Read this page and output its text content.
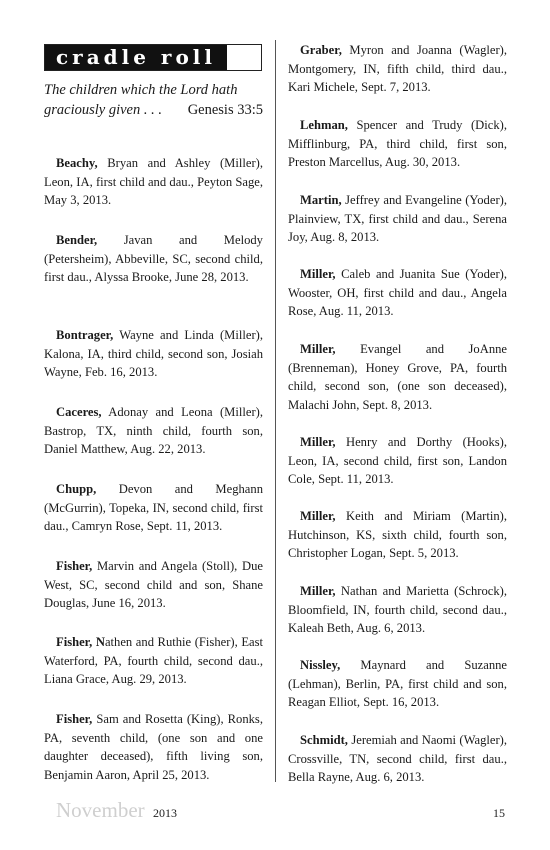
cradle roll
The children which the Lord hath graciously given . . . Genesis 33:5
Beachy, Bryan and Ashley (Miller), Leon, IA, first child and dau., Peyton Sage, May 3, 2013.
Bender, Javan and Melody (Petersheim), Abbeville, SC, second child, first dau., Alyssa Brooke, June 28, 2013.
Bontrager, Wayne and Linda (Miller), Kalona, IA, third child, second son, Josiah Wayne, Feb. 16, 2013.
Caceres, Adonay and Leona (Miller), Bastrop, TX, ninth child, fourth son, Daniel Matthew, Aug. 22, 2013.
Chupp, Devon and Meghann (McGurrin), Topeka, IN, second child, first dau., Camryn Rose, Sept. 11, 2013.
Fisher, Marvin and Angela (Stoll), Due West, SC, second child and son, Shane Douglas, June 16, 2013.
Fisher, Nathen and Ruthie (Fisher), East Waterford, PA, fourth child, second dau., Liana Grace, Aug. 29, 2013.
Fisher, Sam and Rosetta (King), Ronks, PA, seventh child, (one son and one daughter deceased), fifth living son, Benjamin Aaron, April 25, 2013.
Graber, Myron and Joanna (Wagler), Montgomery, IN, fifth child, third dau., Kari Michele, Sept. 7, 2013.
Lehman, Spencer and Trudy (Dick), Mifflinburg, PA, third child, first son, Preston Marcellus, Aug. 30, 2013.
Martin, Jeffrey and Evangeline (Yoder), Plainview, TX, first child and dau., Serena Joy, Aug. 8, 2013.
Miller, Caleb and Juanita Sue (Yoder), Wooster, OH, first child and dau., Angela Rose, Aug. 11, 2013.
Miller, Evangel and JoAnne (Brenneman), Honey Grove, PA, fourth child, second son, (one son deceased), Malachi John, Sept. 8, 2013.
Miller, Henry and Dorthy (Hooks), Leon, IA, second child, first son, Landon Cole, Sept. 11, 2013.
Miller, Keith and Miriam (Martin), Hutchinson, KS, sixth child, fourth son, Christopher Logan, Sept. 5, 2013.
Miller, Nathan and Marietta (Schrock), Bloomfield, IN, fourth child, second dau., Kaleah Beth, Aug. 6, 2013.
Nissley, Maynard and Suzanne (Lehman), Berlin, PA, first child and son, Reagan Elliot, Sept. 16, 2013.
Schmidt, Jeremiah and Naomi (Wagler), Crossville, TN, second child, first dau., Bella Rayne, Aug. 6, 2013.
November 2013	15
